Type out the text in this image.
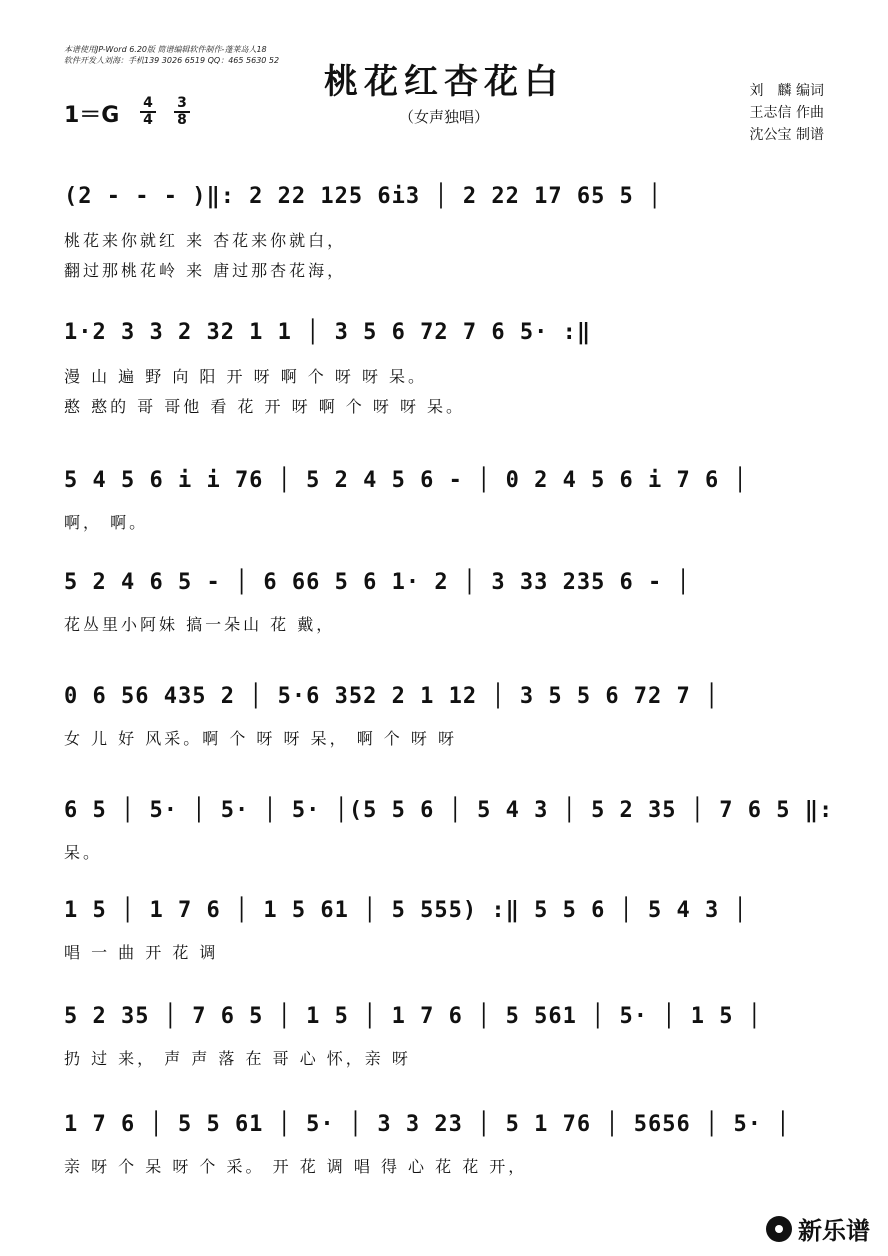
本谱使用JP-Word 6.20版 简谱编辑软件制作-蓬莱岛人18
软件开发人刘海：手机139 3026 6519 QQ：465 5630 52
桃花红杏花白
（女声独唱）
刘　麟 编词
王志信 作曲
沈公宝 制谱
1＝G 4
4
3
8
(2 - - - )‖: 2 22 125 6i3 │ 2 22 17 65 5 │
桃花来你就红 来 杏花来你就白，
翻过那桃花岭 来 唐过那杏花海，
1·2 3 3 2 32 1 1 │ 3 5 6 72 7 6 5· :‖
漫 山 遍 野 向 阳 开 呀 啊 个 呀 呀 呆。
憨 憨的 哥 哥他 看 花 开 呀 啊 个 呀 呀 呆。
5 4 5 6 i i 76 │ 5 2 4 5 6 - │ 0 2 4 5 6 i 7 6 │
啊， 啊。
5 2 4 6 5 - │ 6 66 5 6 1· 2 │ 3 33 235 6 - │
花丛里小阿妹 搞一朵山 花 戴，
0 6 56 435 2 │ 5·6 352 2 1 12 │ 3 5 5 6 72 7 │
女 儿 好 风采。啊 个 呀 呀 呆， 啊 个 呀 呀
6 5 │ 5· │ 5· │ 5· │(5 5 6 │ 5 4 3 │ 5 2 35 │ 7 6 5 ‖:
呆。
1 5 │ 1 7 6 │ 1 5 61 │ 5 555) :‖ 5 5 6 │ 5 4 3 │
唱 一 曲 开 花 调
5 2 35 │ 7 6 5 │ 1 5 │ 1 7 6 │ 5 561 │ 5· │ 1 5 │
扔 过 来， 声 声 落 在 哥 心 怀，亲 呀
1 7 6 │ 5 5 61 │ 5· │ 3 3 23 │ 5 1 76 │ 5656 │ 5· │
亲 呀 个 呆 呀 个 采。 开 花 调 唱 得 心 花 花 开，
新乐谱
